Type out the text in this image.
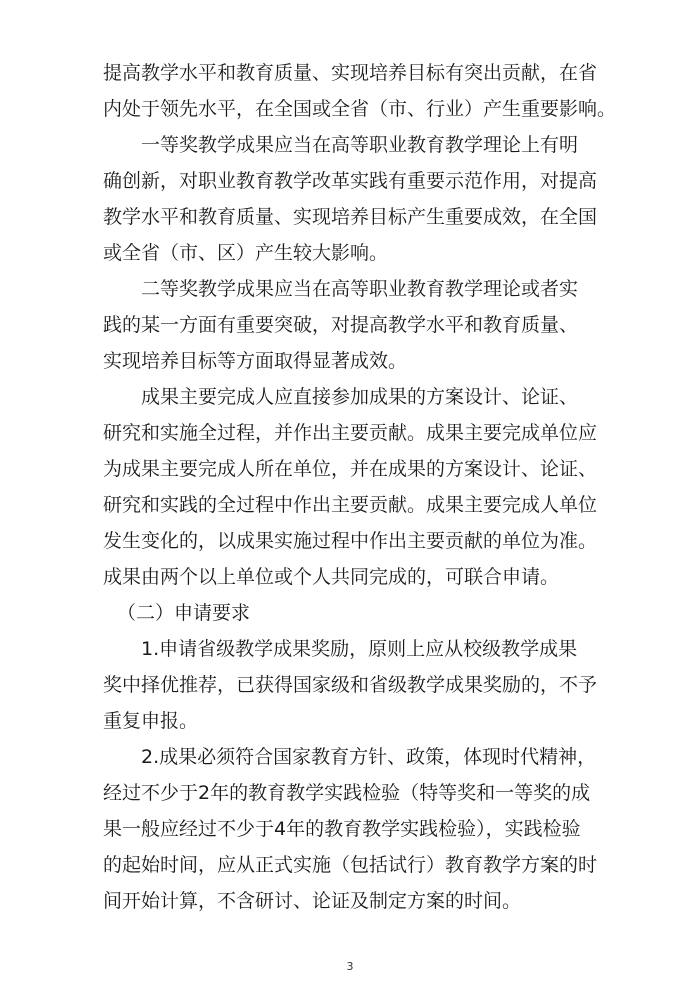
提高教学水平和教育质量、实现培养目标有突出贡献，在省

内处于领先水平，在全国或全省（市、行业）产生重要影响。

一等奖教学成果应当在高等职业教育教学理论上有明

确创新，对职业教育教学改革实践有重要示范作用，对提高

教学水平和教育质量、实现培养目标产生重要成效，在全国

或全省（市、区）产生较大影响。

二等奖教学成果应当在高等职业教育教学理论或者实

践的某一方面有重要突破，对提高教学水平和教育质量、

实现培养目标等方面取得显著成效。

成果主要完成人应直接参加成果的方案设计、论证、

研究和实施全过程，并作出主要贡献。成果主要完成单位应

为成果主要完成人所在单位，并在成果的方案设计、论证、

研究和实践的全过程中作出主要贡献。成果主要完成人单位

发生变化的，以成果实施过程中作出主要贡献的单位为准。

成果由两个以上单位或个人共同完成的，可联合申请。

（二）申请要求

1.申请省级教学成果奖励，原则上应从校级教学成果

奖中择优推荐，已获得国家级和省级教学成果奖励的，不予

重复申报。

2.成果必须符合国家教育方针、政策，体现时代精神，

经过不少于2年的教育教学实践检验（特等奖和一等奖的成

果一般应经过不少于4年的教育教学实践检验），实践检验

的起始时间，应从正式实施（包括试行）教育教学方案的时

间开始计算，不含研讨、论证及制定方案的时间。

3
